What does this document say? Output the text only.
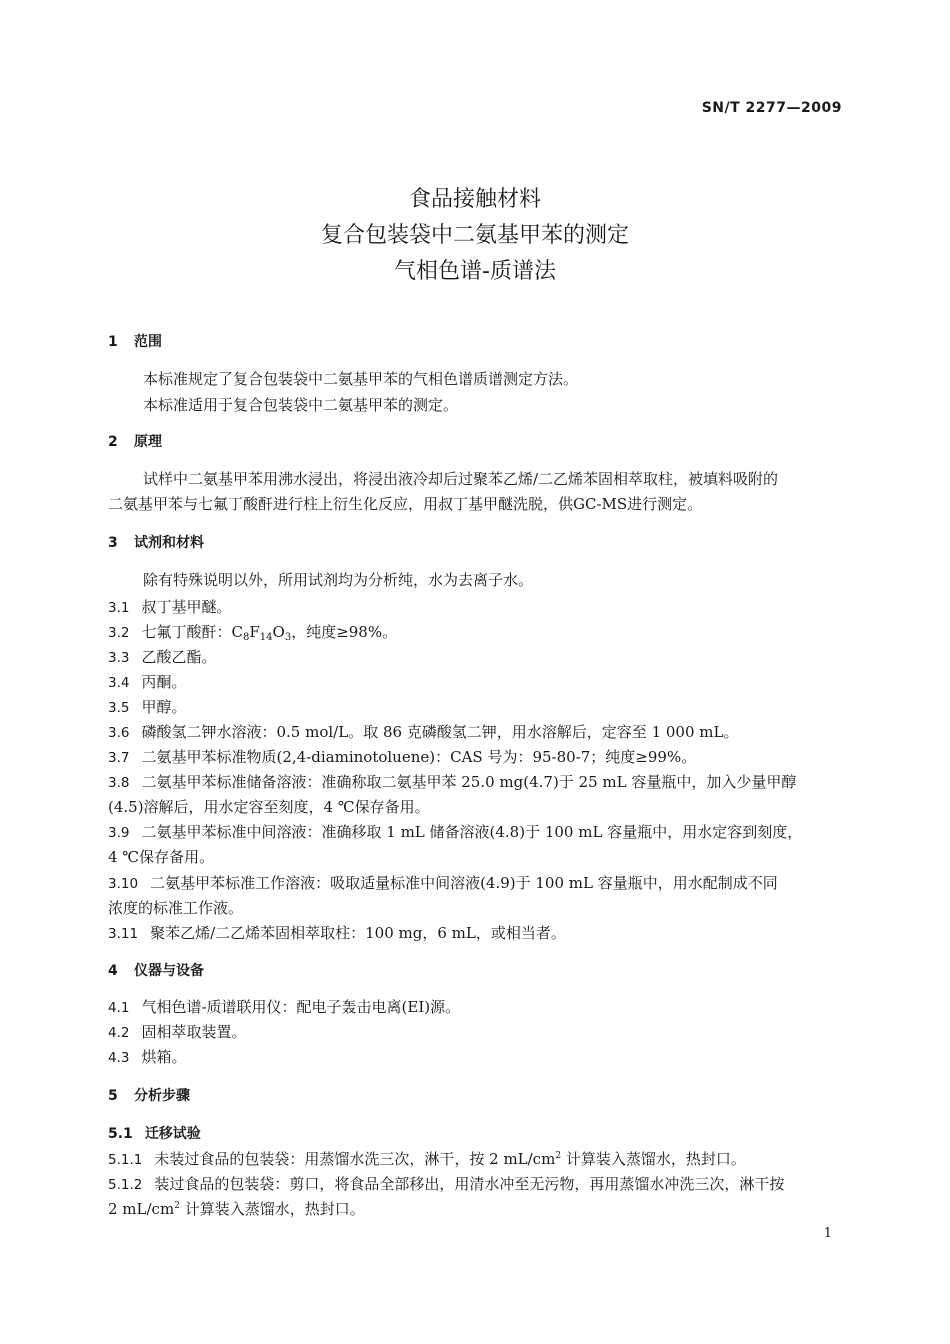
SN/T 2277—2009
食品接触材料
复合包装袋中二氨基甲苯的测定
气相色谱-质谱法
1 范围
本标准规定了复合包装袋中二氨基甲苯的气相色谱质谱测定方法。
本标准适用于复合包装袋中二氨基甲苯的测定。
2 原理
试样中二氨基甲苯用沸水浸出，将浸出液冷却后过聚苯乙烯/二乙烯苯固相萃取柱，被填料吸附的
二氨基甲苯与七氟丁酸酐进行柱上衍生化反应，用叔丁基甲醚洗脱，供GC-MS进行测定。
3 试剂和材料
除有特殊说明以外，所用试剂均为分析纯，水为去离子水。
3.1 叔丁基甲醚。
3.2 七氟丁酸酐：$C_8F_{14}O_3$，纯度≥98%。
3.3 乙酸乙酯。
3.4 丙酮。
3.5 甲醇。
3.6 磷酸氢二钾水溶液：0.5 mol/L。取 86 克磷酸氢二钾，用水溶解后，定容至 1 000 mL。
3.7 二氨基甲苯标准物质(2,4-diaminotoluene)：CAS 号为：95-80-7；纯度≥99%。
3.8 二氨基甲苯标准储备溶液：准确称取二氨基甲苯 25.0 mg(4.7)于 25 mL 容量瓶中，加入少量甲醇
(4.5)溶解后，用水定容至刻度，4 ℃保存备用。
3.9 二氨基甲苯标准中间溶液：准确移取 1 mL 储备溶液(4.8)于 100 mL 容量瓶中，用水定容到刻度，
4 ℃保存备用。
3.10 二氨基甲苯标准工作溶液：吸取适量标准中间溶液(4.9)于 100 mL 容量瓶中，用水配制成不同
浓度的标准工作液。
3.11 聚苯乙烯/二乙烯苯固相萃取柱：100 mg，6 mL，或相当者。
4 仪器与设备
4.1 气相色谱-质谱联用仪：配电子轰击电离(EI)源。
4.2 固相萃取装置。
4.3 烘箱。
5 分析步骤
5.1 迁移试验
5.1.1 未装过食品的包装袋：用蒸馏水洗三次，淋干，按 2 $mL/cm^2$ 计算装入蒸馏水，热封口。
5.1.2 装过食品的包装袋：剪口，将食品全部移出，用清水冲至无污物，再用蒸馏水冲洗三次，淋干按
2 $mL/cm^2$ 计算装入蒸馏水，热封口。
1
